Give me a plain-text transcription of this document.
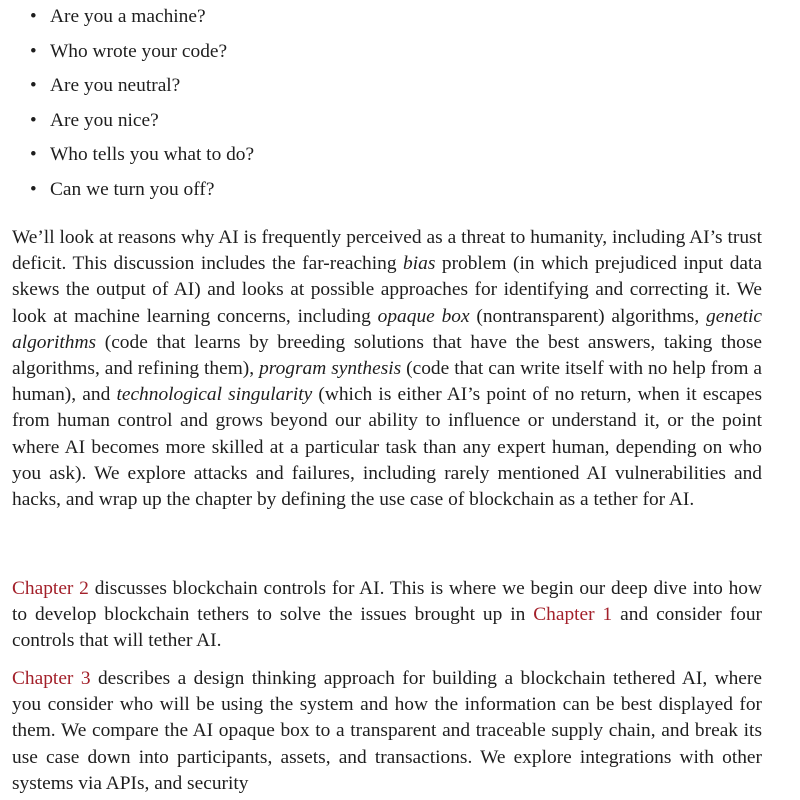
• Are you a machine?
• Who wrote your code?
• Are you neutral?
• Are you nice?
• Who tells you what to do?
• Can we turn you off?

We’ll look at reasons why AI is frequently perceived as a threat to humanity, including AI’s trust deficit. This discussion includes the far-reaching bias problem (in which prejudiced input data skews the output of AI) and looks at possible approaches for identifying and correcting it. We look at machine learning concerns, including opaque box (nontransparent) algorithms, genetic algorithms (code that learns by breeding solutions that have the best answers, taking those algorithms, and refining them), program synthesis (code that can write itself with no help from a human), and technological singularity (which is either AI’s point of no return, when it escapes from human control and grows beyond our ability to influence or understand it, or the point where AI becomes more skilled at a particular task than any expert human, depending on who you ask). We explore attacks and failures, including rarely mentioned AI vulnerabilities and hacks, and wrap up the chapter by defining the use case of blockchain as a tether for AI.

Chapter 2 discusses blockchain controls for AI. This is where we begin our deep dive into how to develop blockchain tethers to solve the issues brought up in Chapter 1 and consider four controls that will tether AI.

Chapter 3 describes a design thinking approach for building a blockchain tethered AI, where you consider who will be using the system and how the information can be best displayed for them. We compare the AI opaque box to a transparent and traceable supply chain, and break its use case down into participants, assets, and transactions. We explore integrations with other systems via APIs, and security
